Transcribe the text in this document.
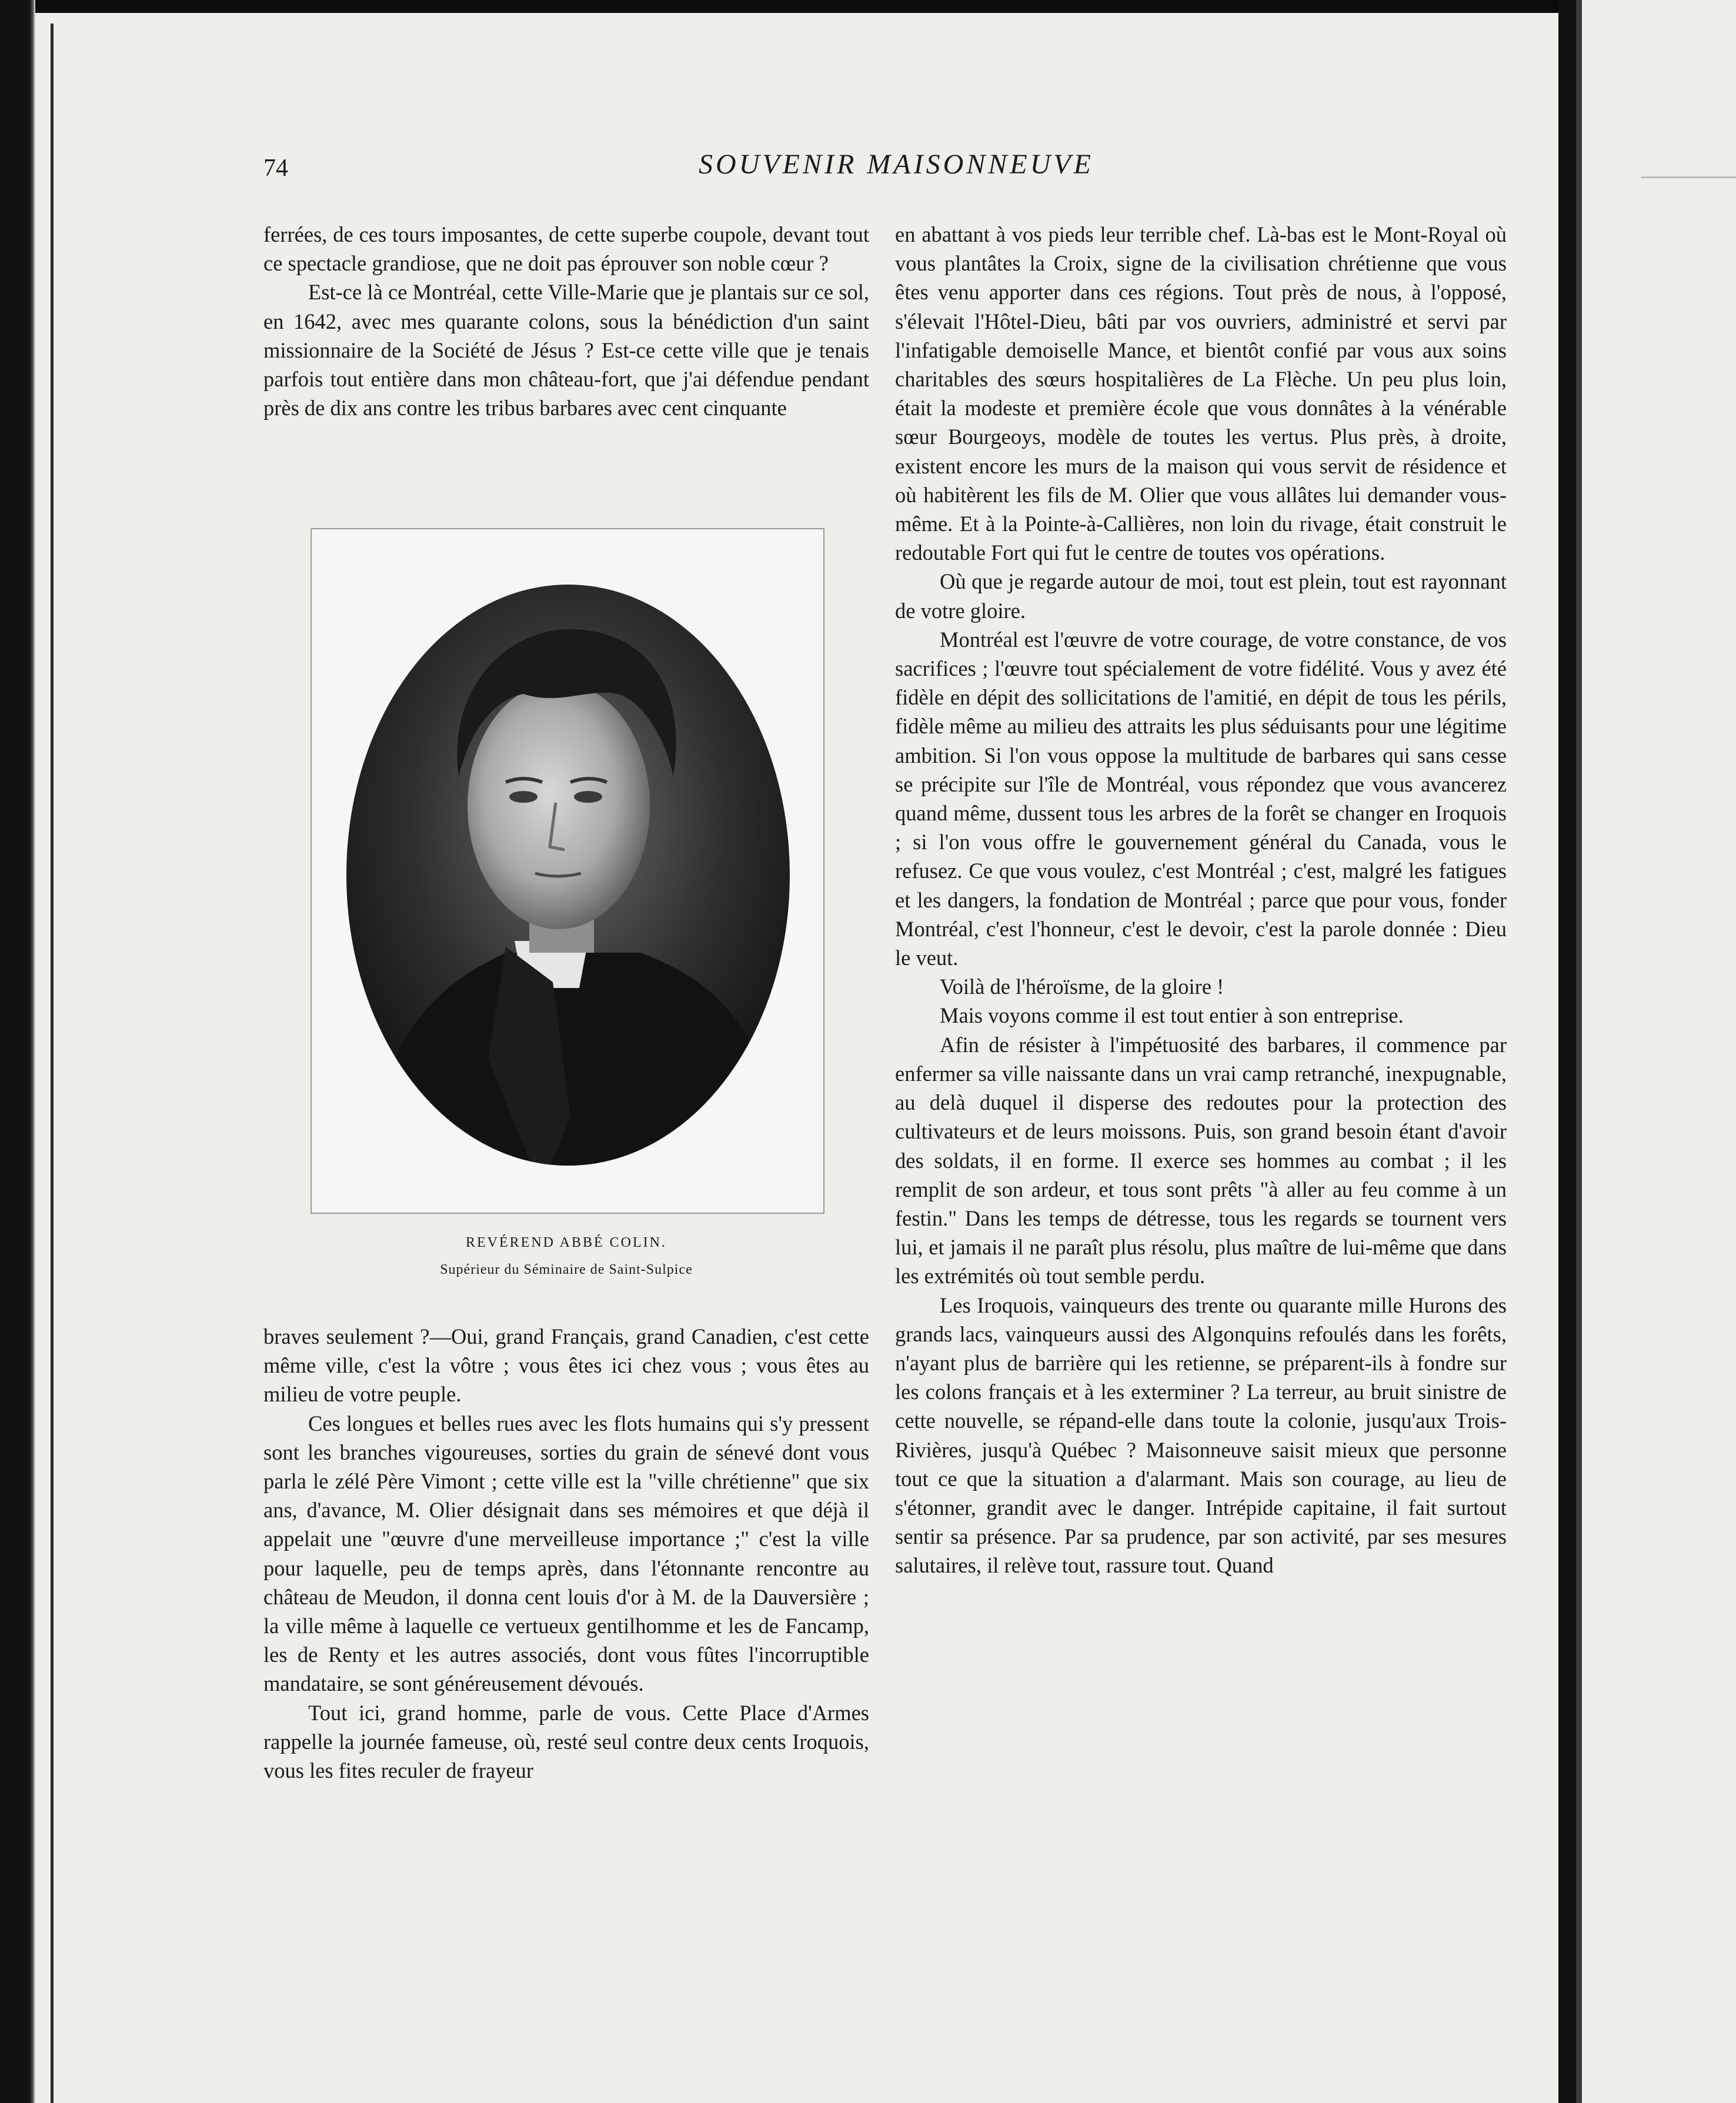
74	SOUVENIR MAISONNEUVE

ferrées, de ces tours imposantes, de cette superbe coupole, devant tout ce spectacle grandiose, que ne doit pas éprouver son noble cœur ?

Est-ce là ce Montréal, cette Ville-Marie que je plantais sur ce sol, en 1642, avec mes quarante colons, sous la bénédiction d'un saint missionnaire de la Société de Jésus ? Est-ce cette ville que je tenais parfois tout entière dans mon château-fort, que j'ai défendue pendant près de dix ans contre les tribus barbares avec cent cinquante

REVÉREND ABBÉ COLIN.
Supérieur du Séminaire de Saint-Sulpice

braves seulement ?—Oui, grand Français, grand Canadien, c'est cette même ville, c'est la vôtre ; vous êtes ici chez vous ; vous êtes au milieu de votre peuple.

Ces longues et belles rues avec les flots humains qui s'y pressent sont les branches vigoureuses, sorties du grain de sénevé dont vous parla le zélé Père Vimont ; cette ville est la "ville chrétienne" que six ans, d'avance, M. Olier désignait dans ses mémoires et que déjà il appelait une "œuvre d'une merveilleuse importance ;" c'est la ville pour laquelle, peu de temps après, dans l'étonnante rencontre au château de Meudon, il donna cent louis d'or à M. de la Dauversière ; la ville même à laquelle ce vertueux gentilhomme et les de Fancamp, les de Renty et les autres associés, dont vous fûtes l'incorruptible mandataire, se sont généreusement dévoués.

Tout ici, grand homme, parle de vous. Cette Place d'Armes rappelle la journée fameuse, où, resté seul contre deux cents Iroquois, vous les fites reculer de frayeur

en abattant à vos pieds leur terrible chef. Là-bas est le Mont-Royal où vous plantâtes la Croix, signe de la civilisation chrétienne que vous êtes venu apporter dans ces régions. Tout près de nous, à l'opposé, s'élevait l'Hôtel-Dieu, bâti par vos ouvriers, administré et servi par l'infatigable demoiselle Mance, et bientôt confié par vous aux soins charitables des sœurs hospitalières de La Flèche. Un peu plus loin, était la modeste et première école que vous donnâtes à la vénérable sœur Bourgeoys, modèle de toutes les vertus. Plus près, à droite, existent encore les murs de la maison qui vous servit de résidence et où habitèrent les fils de M. Olier que vous allâtes lui demander vous-même. Et à la Pointe-à-Callières, non loin du rivage, était construit le redoutable Fort qui fut le centre de toutes vos opérations.

Où que je regarde autour de moi, tout est plein, tout est rayonnant de votre gloire.

Montréal est l'œuvre de votre courage, de votre constance, de vos sacrifices ; l'œuvre tout spécialement de votre fidélité. Vous y avez été fidèle en dépit des sollicitations de l'amitié, en dépit de tous les périls, fidèle même au milieu des attraits les plus séduisants pour une légitime ambition. Si l'on vous oppose la multitude de barbares qui sans cesse se précipite sur l'île de Montréal, vous répondez que vous avancerez quand même, dussent tous les arbres de la forêt se changer en Iroquois ; si l'on vous offre le gouvernement général du Canada, vous le refusez. Ce que vous voulez, c'est Montréal ; c'est, malgré les fatigues et les dangers, la fondation de Montréal ; parce que pour vous, fonder Montréal, c'est l'honneur, c'est le devoir, c'est la parole donnée : Dieu le veut.

Voilà de l'héroïsme, de la gloire !

Mais voyons comme il est tout entier à son entreprise.

Afin de résister à l'impétuosité des barbares, il commence par enfermer sa ville naissante dans un vrai camp retranché, inexpugnable, au delà duquel il disperse des redoutes pour la protection des cultivateurs et de leurs moissons. Puis, son grand besoin étant d'avoir des soldats, il en forme. Il exerce ses hommes au combat ; il les remplit de son ardeur, et tous sont prêts "à aller au feu comme à un festin." Dans les temps de détresse, tous les regards se tournent vers lui, et jamais il ne paraît plus résolu, plus maître de lui-même que dans les extrémités où tout semble perdu.

Les Iroquois, vainqueurs des trente ou quarante mille Hurons des grands lacs, vainqueurs aussi des Algonquins refoulés dans les forêts, n'ayant plus de barrière qui les retienne, se préparent-ils à fondre sur les colons français et à les exterminer ? La terreur, au bruit sinistre de cette nouvelle, se répand-elle dans toute la colonie, jusqu'aux Trois-Rivières, jusqu'à Québec ? Maisonneuve saisit mieux que personne tout ce que la situation a d'alarmant. Mais son courage, au lieu de s'étonner, grandit avec le danger. Intrépide capitaine, il fait surtout sentir sa présence. Par sa prudence, par son activité, par ses mesures salutaires, il relève tout, rassure tout. Quand
